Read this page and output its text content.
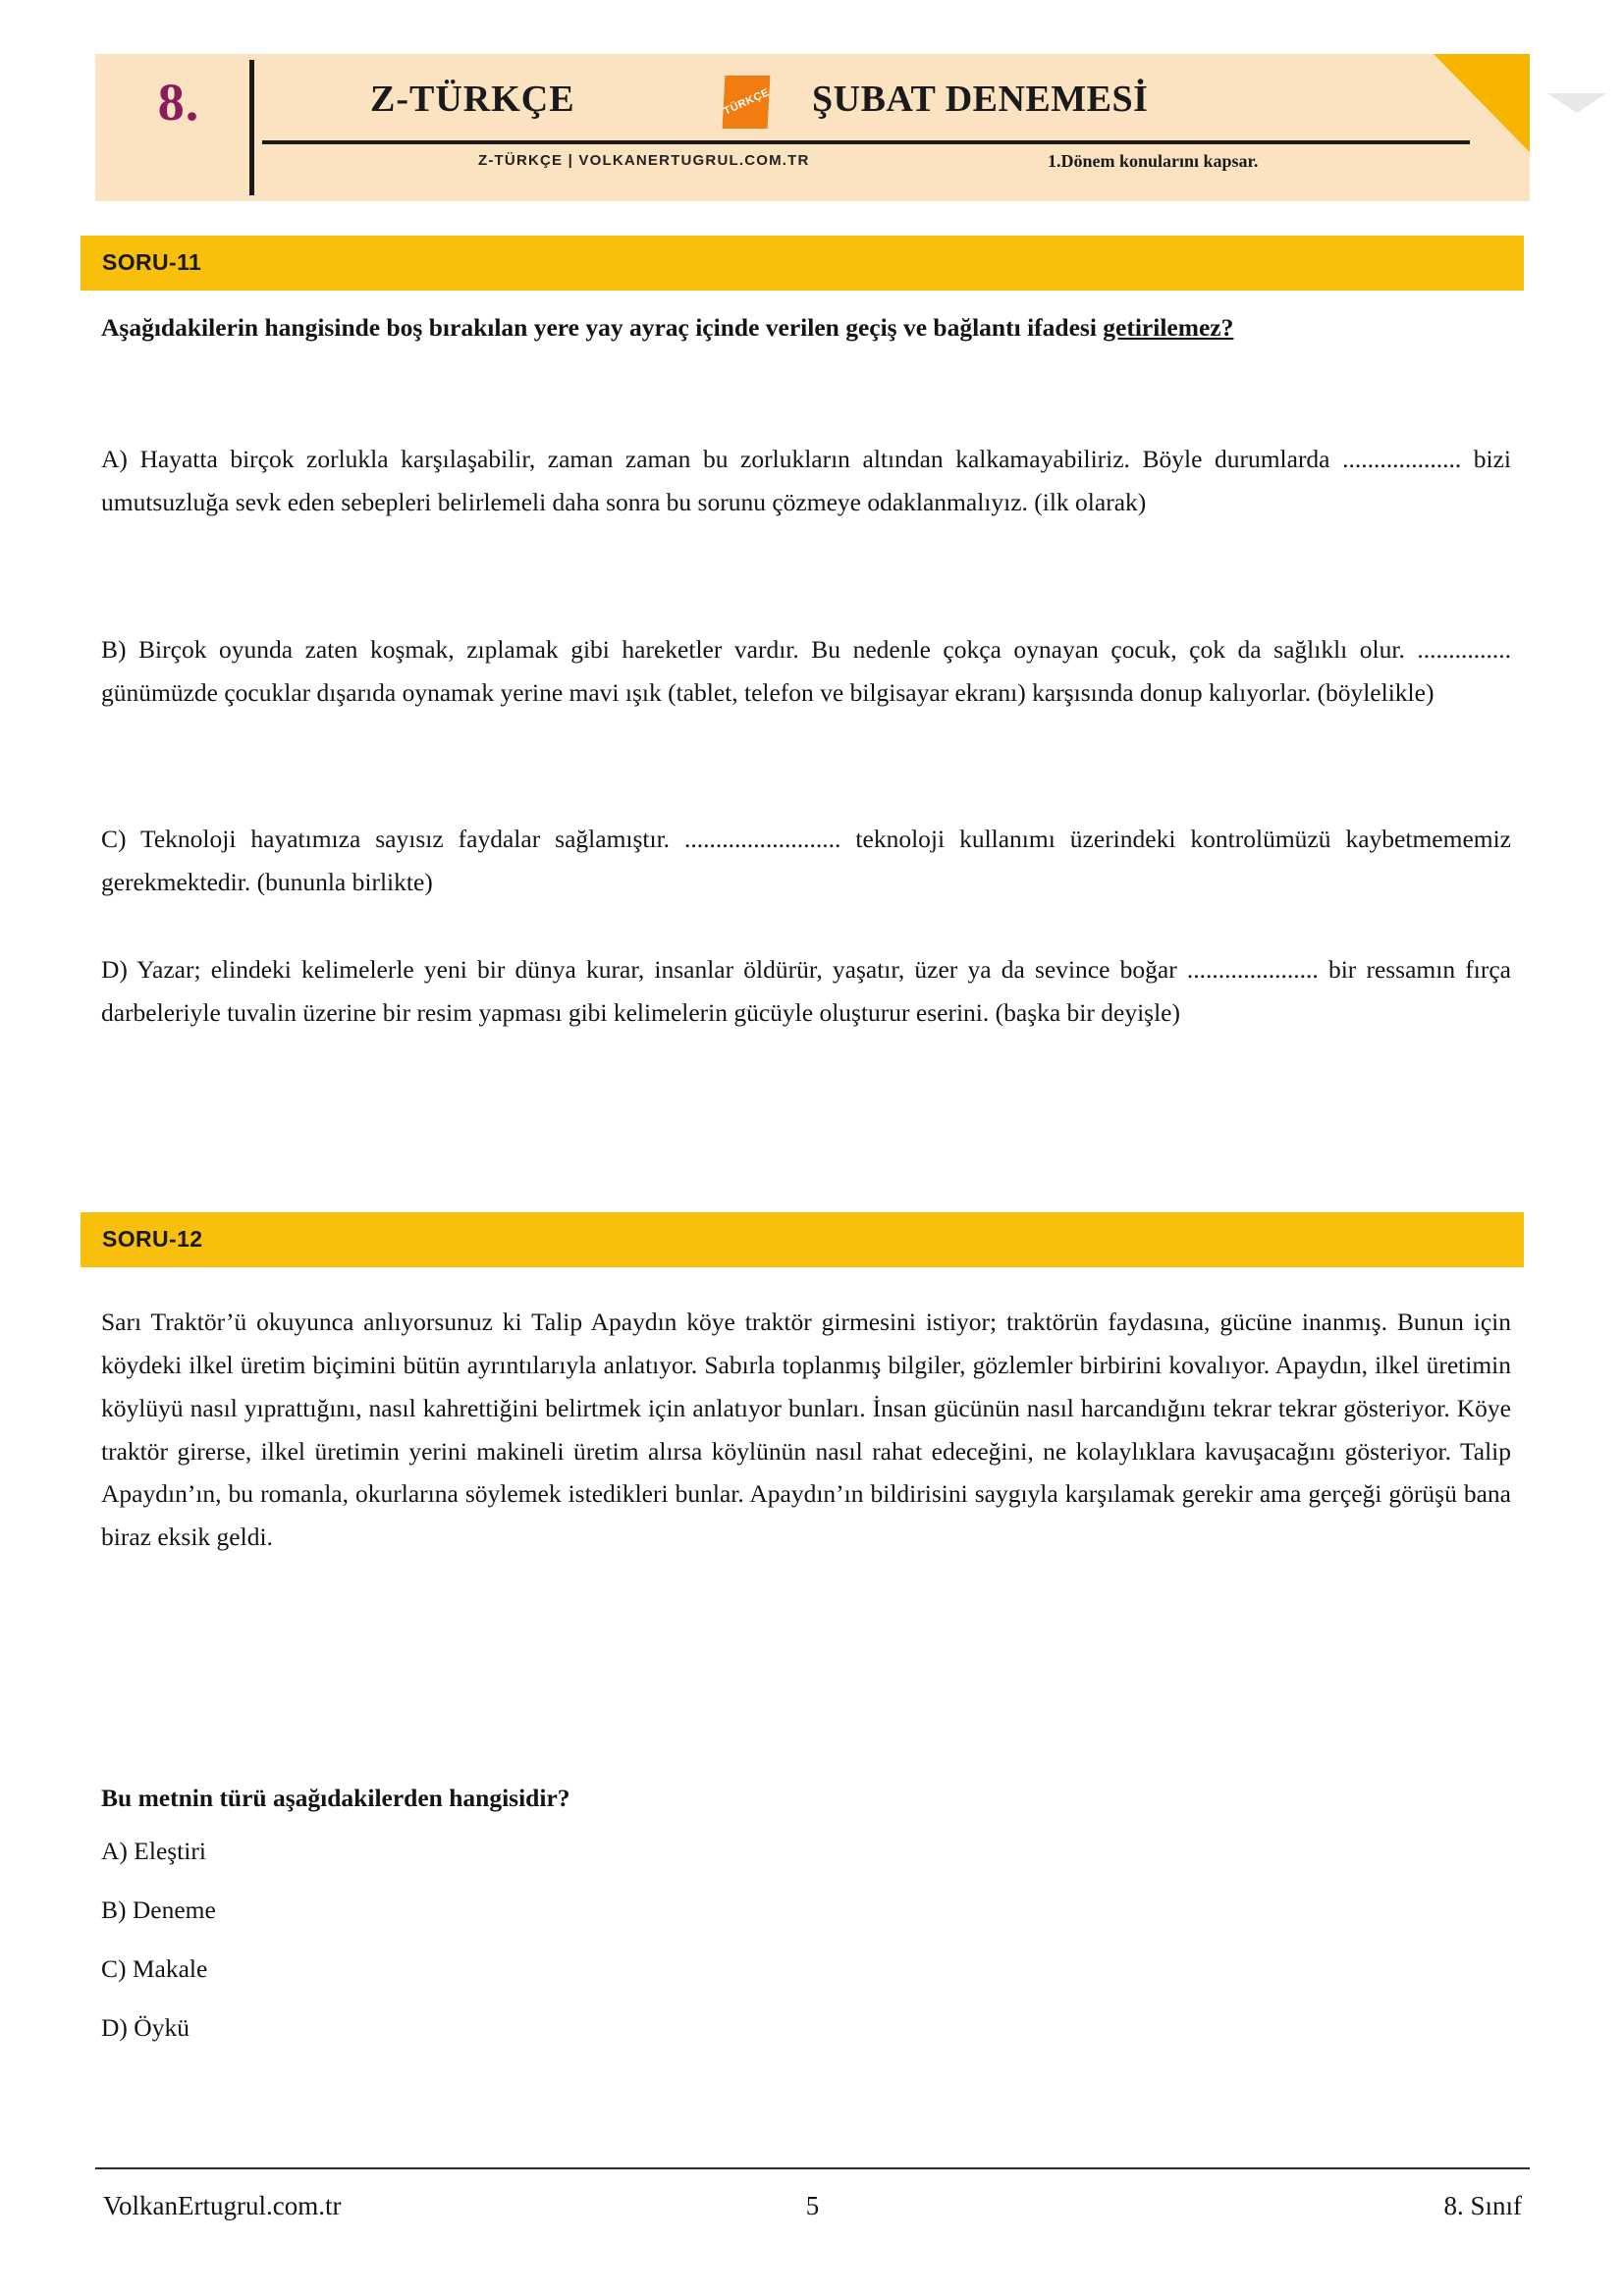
8.	Z-TÜRKÇE	TÜRKÇE ŞUBAT DENEMESİ
Z-TÜRKÇE | VOLKANERTUGRUL.COM.TR	1.Dönem konularını kapsar.
SORU-11
Aşağıdakilerin hangisinde boş bırakılan yere yay ayraç içinde verilen geçiş ve bağlantı ifadesi getirilemez?
A) Hayatta birçok zorlukla karşılaşabilir, zaman zaman bu zorlukların altından kalkamayabiliriz. Böyle durumlarda ................... bizi umutsuzluğa sevk eden sebepleri belirlemeli daha sonra bu sorunu çözmeye odaklanmalıyız. (ilk olarak)
B) Birçok oyunda zaten koşmak, zıplamak gibi hareketler vardır. Bu nedenle çokça oynayan çocuk, çok da sağlıklı olur. ............... günümüzde çocuklar dışarıda oynamak yerine mavi ışık (tablet, telefon ve bilgisayar ekranı) karşısında donup kalıyorlar. (böylelikle)
C) Teknoloji hayatımıza sayısız faydalar sağlamıştır. ......................... teknoloji kullanımı üzerindeki kontrolümüzü kaybetmememiz gerekmektedir. (bununla birlikte)
D) Yazar; elindeki kelimelerle yeni bir dünya kurar, insanlar öldürür, yaşatır, üzer ya da sevince boğar ..................... bir ressamın fırça darbeleriyle tuvalin üzerine bir resim yapması gibi kelimelerin gücüyle oluşturur eserini. (başka bir deyişle)
SORU-12
Sarı Traktör’ü okuyunca anlıyorsunuz ki Talip Apaydın köye traktör girmesini istiyor; traktörün faydasına, gücüne inanmış. Bunun için köydeki ilkel üretim biçimini bütün ayrıntılarıyla anlatıyor. Sabırla toplanmış bilgiler, gözlemler birbirini kovalıyor. Apaydın, ilkel üretimin köylüyü nasıl yıprattığını, nasıl kahrettiğini belirtmek için anlatıyor bunları. İnsan gücünün nasıl harcandığını tekrar tekrar gösteriyor. Köye traktör girerse, ilkel üretimin yerini makineli üretim alırsa köylünün nasıl rahat edeceğini, ne kolaylıklara kavuşacağını gösteriyor. Talip Apaydın’ın, bu romanla, okurlarına söylemek istedikleri bunlar. Apaydın’ın bildirisini saygıyla karşılamak gerekir ama gerçeği görüşü bana biraz eksik geldi.
Bu metnin türü aşağıdakilerden hangisidir?
A) Eleştiri
B) Deneme
C) Makale
D) Öykü
VolkanErtugrul.com.tr	5	8. Sınıf
